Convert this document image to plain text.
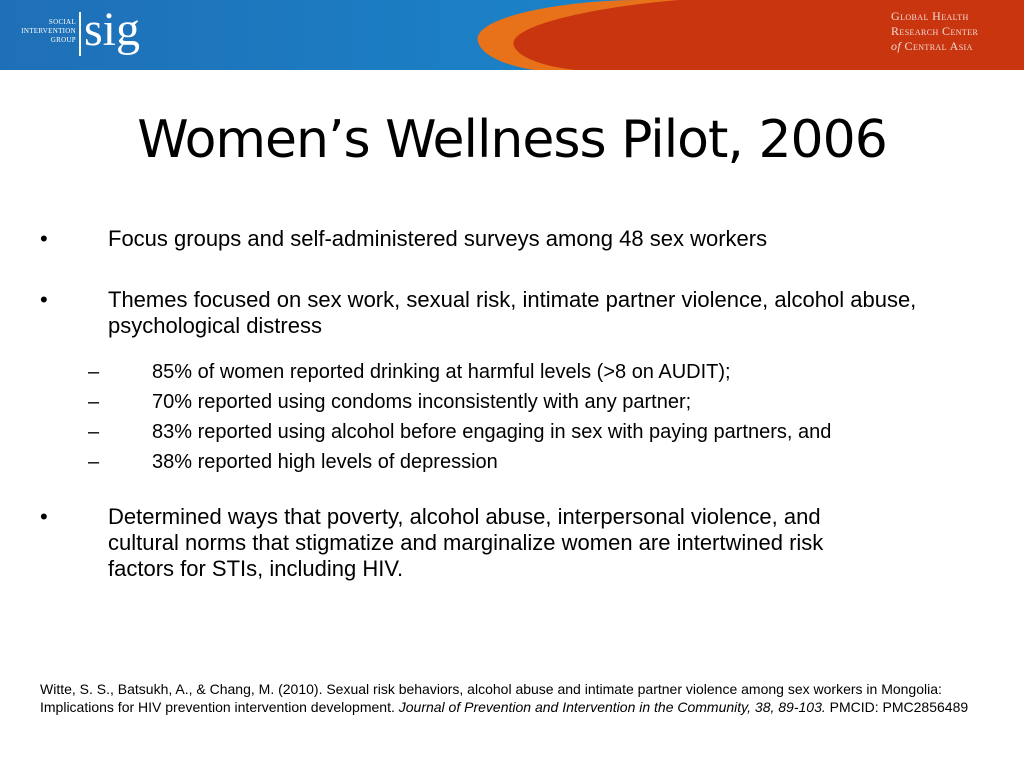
SOCIAL
INTERVENTION
GROUP sig	Global Health
Research Center
of Central Asia
Women’s Wellness Pilot, 2006
•	Focus groups and self-administered surveys among 48 sex workers
•	Themes focused on sex work, sexual risk, intimate partner violence, alcohol abuse, psychological distress
–	85% of women reported drinking at harmful levels (>8 on AUDIT);
–	70% reported using condoms inconsistently with any partner;
–	83% reported using alcohol before engaging in sex with paying partners, and
–	38% reported high levels of depression
•	Determined ways that poverty, alcohol abuse, interpersonal violence, and cultural norms that stigmatize and marginalize women are intertwined risk factors for STIs, including HIV.
Witte, S. S., Batsukh, A., & Chang, M. (2010). Sexual risk behaviors, alcohol abuse and intimate partner violence among sex workers in Mongolia: Implications for HIV prevention intervention development. Journal of Prevention and Intervention in the Community, 38, 89-103. PMCID: PMC2856489
